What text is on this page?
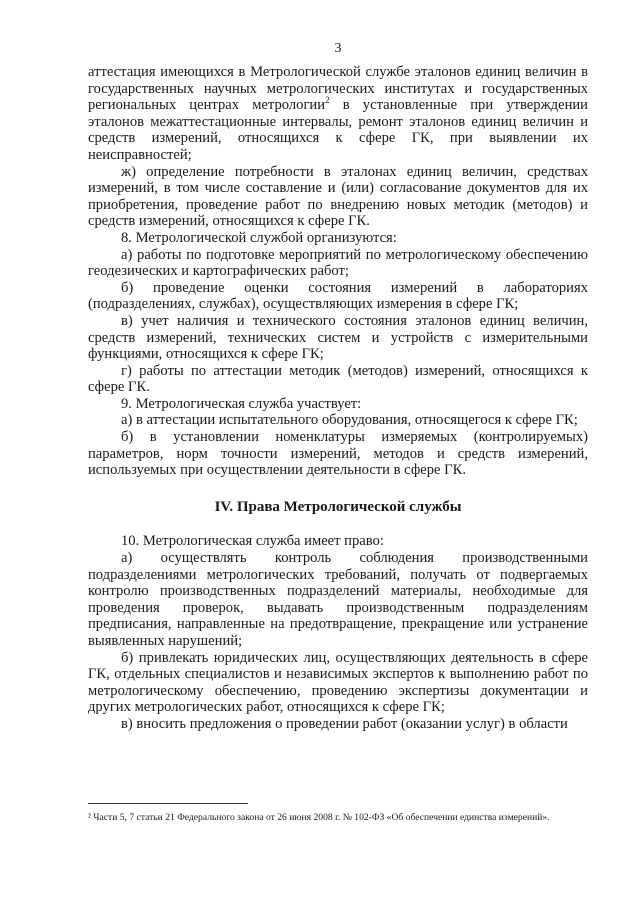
3

аттестация имеющихся в Метрологической службе эталонов единиц величин в государственных научных метрологических институтах и государственных региональных центрах метрологии$^2$ в установленные при утверждении эталонов межаттестационные интервалы, ремонт эталонов единиц величин и средств измерений, относящихся к сфере ГК, при выявлении их неисправностей;

ж) определение потребности в эталонах единиц величин, средствах измерений, в том числе составление и (или) согласование документов для их приобретения, проведение работ по внедрению новых методик (методов) и средств измерений, относящихся к сфере ГК.

8. Метрологической службой организуются:

а) работы по подготовке мероприятий по метрологическому обеспечению геодезических и картографических работ;

б) проведение оценки состояния измерений в лабораториях (подразделениях, службах), осуществляющих измерения в сфере ГК;

в) учет наличия и технического состояния эталонов единиц величин, средств измерений, технических систем и устройств с измерительными функциями, относящихся к сфере ГК;

г) работы по аттестации методик (методов) измерений, относящихся к сфере ГК.

9. Метрологическая служба участвует:

а) в аттестации испытательного оборудования, относящегося к сфере ГК;

б) в установлении номенклатуры измеряемых (контролируемых) параметров, норм точности измерений, методов и средств измерений, используемых при осуществлении деятельности в сфере ГК.

IV. Права Метрологической службы

10. Метрологическая служба имеет право:

а) осуществлять контроль соблюдения производственными подразделениями метрологических требований, получать от подвергаемых контролю производственных подразделений материалы, необходимые для проведения проверок, выдавать производственным подразделениям предписания, направленные на предотвращение, прекращение или устранение выявленных нарушений;

б) привлекать юридических лиц, осуществляющих деятельность в сфере ГК, отдельных специалистов и независимых экспертов к выполнению работ по метрологическому обеспечению, проведению экспертизы документации и других метрологических работ, относящихся к сфере ГК;

в) вносить предложения о проведении работ (оказании услуг) в области

² Части 5, 7 статьи 21 Федерального закона от 26 июня 2008 г. № 102-ФЗ «Об обеспечении единства измерений».
